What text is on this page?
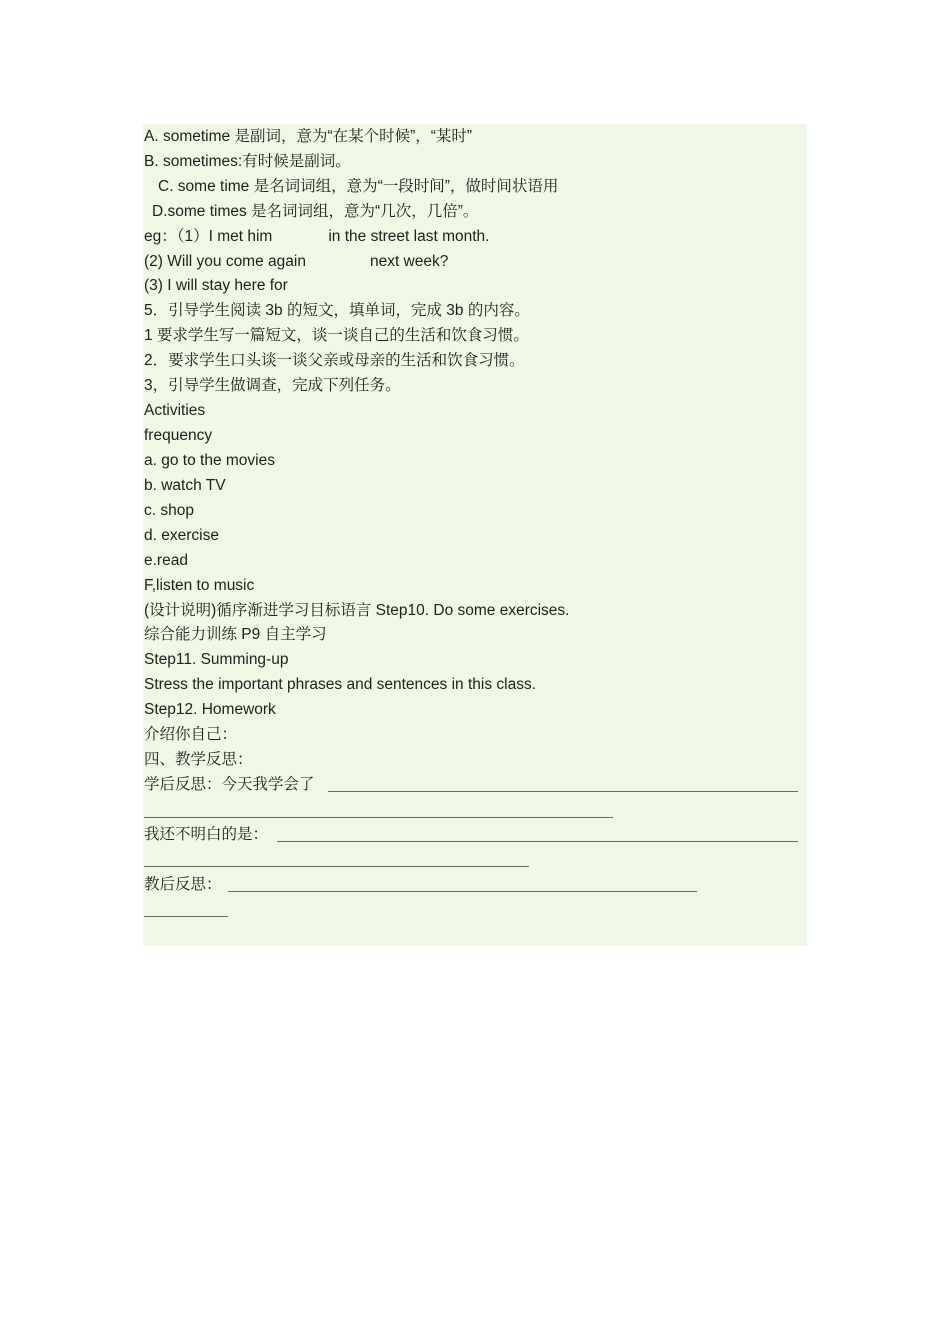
A. sometime 是副词，意为“在某个时候”，“某时”
B. sometimes:有时候是副词。
C. some time 是名词词组，意为“一段时间”，做时间状语用
D.some times 是名词词组，意为“几次，几倍”。
eg：（1）I met him	in the street last month.
(2) Will you come again	next week?
(3) I will stay here for
5．引导学生阅读 3b 的短文，填单词，完成 3b 的内容。
1 要求学生写一篇短文，谈一谈自己的生活和饮食习惯。
2．要求学生口头谈一谈父亲或母亲的生活和饮食习惯。
3，引导学生做调查，完成下列任务。
Activities
frequency
a. go to the movies
b. watch TV
c. shop
d. exercise
e.read
F,listen to music
(设计说明)循序渐进学习目标语言 Step10. Do some exercises.
综合能力训练 P9 自主学习
Step11. Summing-up
Stress the important phrases and sentences in this class.
Step12. Homework
介绍你自己：
四、教学反思：
学后反思：今天我学会了
我还不明白的是：
教后反思：
